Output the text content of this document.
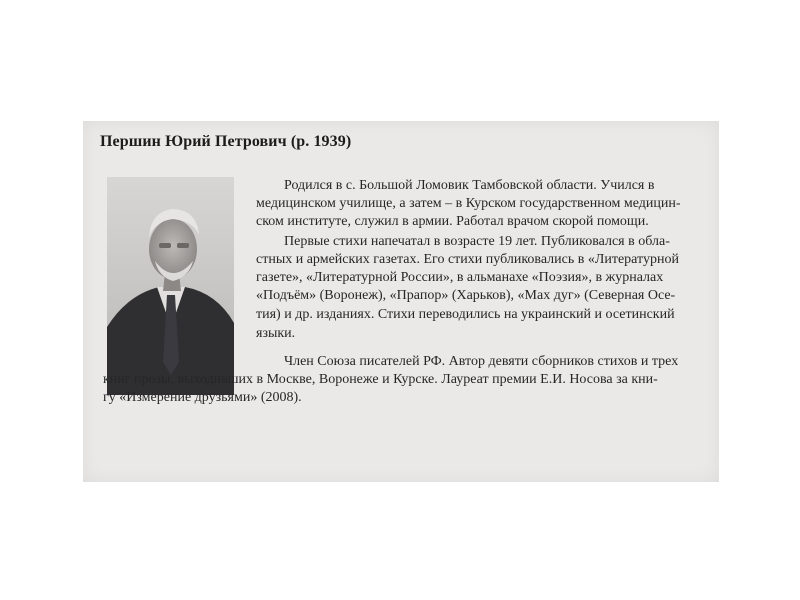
Першин Юрий Петрович (р. 1939)
Родился в с. Большой Ломовик Тамбовской области. Учился в
медицинском училище, а затем – в Курском государственном медицин-
ском институте, служил в армии. Работал врачом скорой помощи.
Первые стихи напечатал в возрасте 19 лет. Публиковался в обла-
стных и армейских газетах. Его стихи публиковались в «Литературной
газете», «Литературной России», в альманахе «Поэзия», в журналах
«Подъём» (Воронеж), «Прапор» (Харьков), «Мах дуг» (Северная Осе-
тия) и др. изданиях. Стихи переводились на украинский и осетинский
языки.
Член Союза писателей РФ. Автор девяти сборников стихов и трех
книг прозы, выходивших в Москве, Воронеже и Курске. Лауреат премии Е.И. Носова за кни-
гу «Измерение друзьями» (2008).
